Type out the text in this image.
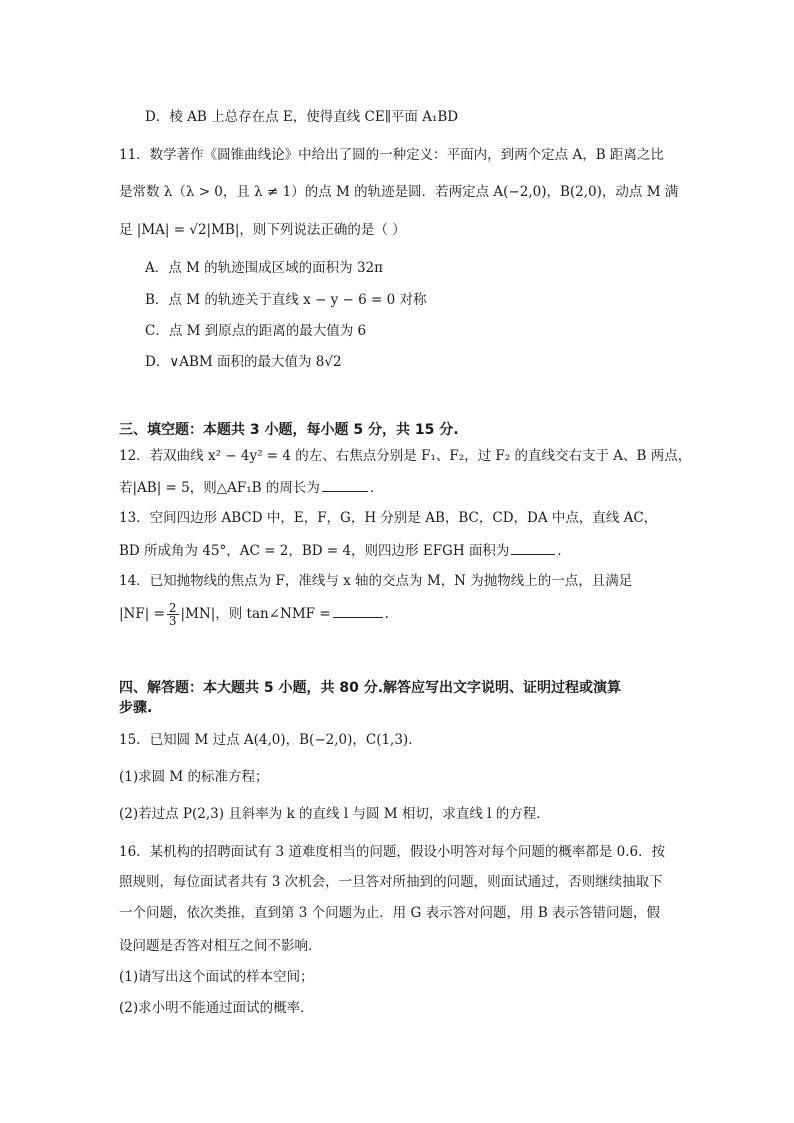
D．棱 AB 上总存在点 E，使得直线 CE∥平面 A₁BD
11．数学著作《圆锥曲线论》中给出了圆的一种定义：平面内，到两个定点 A，B 距离之比
是常数 λ（λ > 0，且 λ ≠ 1）的点 M 的轨迹是圆．若两定点 A(−2,0)，B(2,0)，动点 M 满
足 |MA| = √2|MB|，则下列说法正确的是（ ）
A．点 M 的轨迹围成区域的面积为 32π
B．点 M 的轨迹关于直线 x − y − 6 = 0 对称
C．点 M 到原点的距离的最大值为 6
D．∨ABM 面积的最大值为 8√2
三、填空题：本题共 3 小题，每小题 5 分，共 15 分.
12．若双曲线 x² − 4y² = 4 的左、右焦点分别是 F₁、F₂，过 F₂ 的直线交右支于 A、B 两点，
若|AB| = 5，则△AF₁B 的周长为	．
13．空间四边形 ABCD 中，E，F，G，H 分别是 AB，BC，CD，DA 中点，直线 AC，
BD 所成角为 45°，AC = 2，BD = 4，则四边形 EFGH 面积为	．
14．已知抛物线的焦点为 F，准线与 x 轴的交点为 M，N 为抛物线上的一点，且满足
$|NF| = \frac{2}{3} |MN|$，则 tan∠NMF =	.
四、解答题：本大题共 5 小题，共 80 分.解答应写出文字说明、证明过程或演算
步骤.
15．已知圆 M 过点 A(4,0)，B(−2,0)，C(1,3)．
(1)求圆 M 的标准方程；
(2)若过点 P(2,3) 且斜率为 k 的直线 l 与圆 M 相切，求直线 l 的方程．
16．某机构的招聘面试有 3 道难度相当的问题，假设小明答对每个问题的概率都是 0.6．按
照规则，每位面试者共有 3 次机会，一旦答对所抽到的问题，则面试通过，否则继续抽取下
一个问题，依次类推，直到第 3 个问题为止．用 G 表示答对问题，用 B 表示答错问题，假
设问题是否答对相互之间不影响．
(1)请写出这个面试的样本空间；
(2)求小明不能通过面试的概率．
